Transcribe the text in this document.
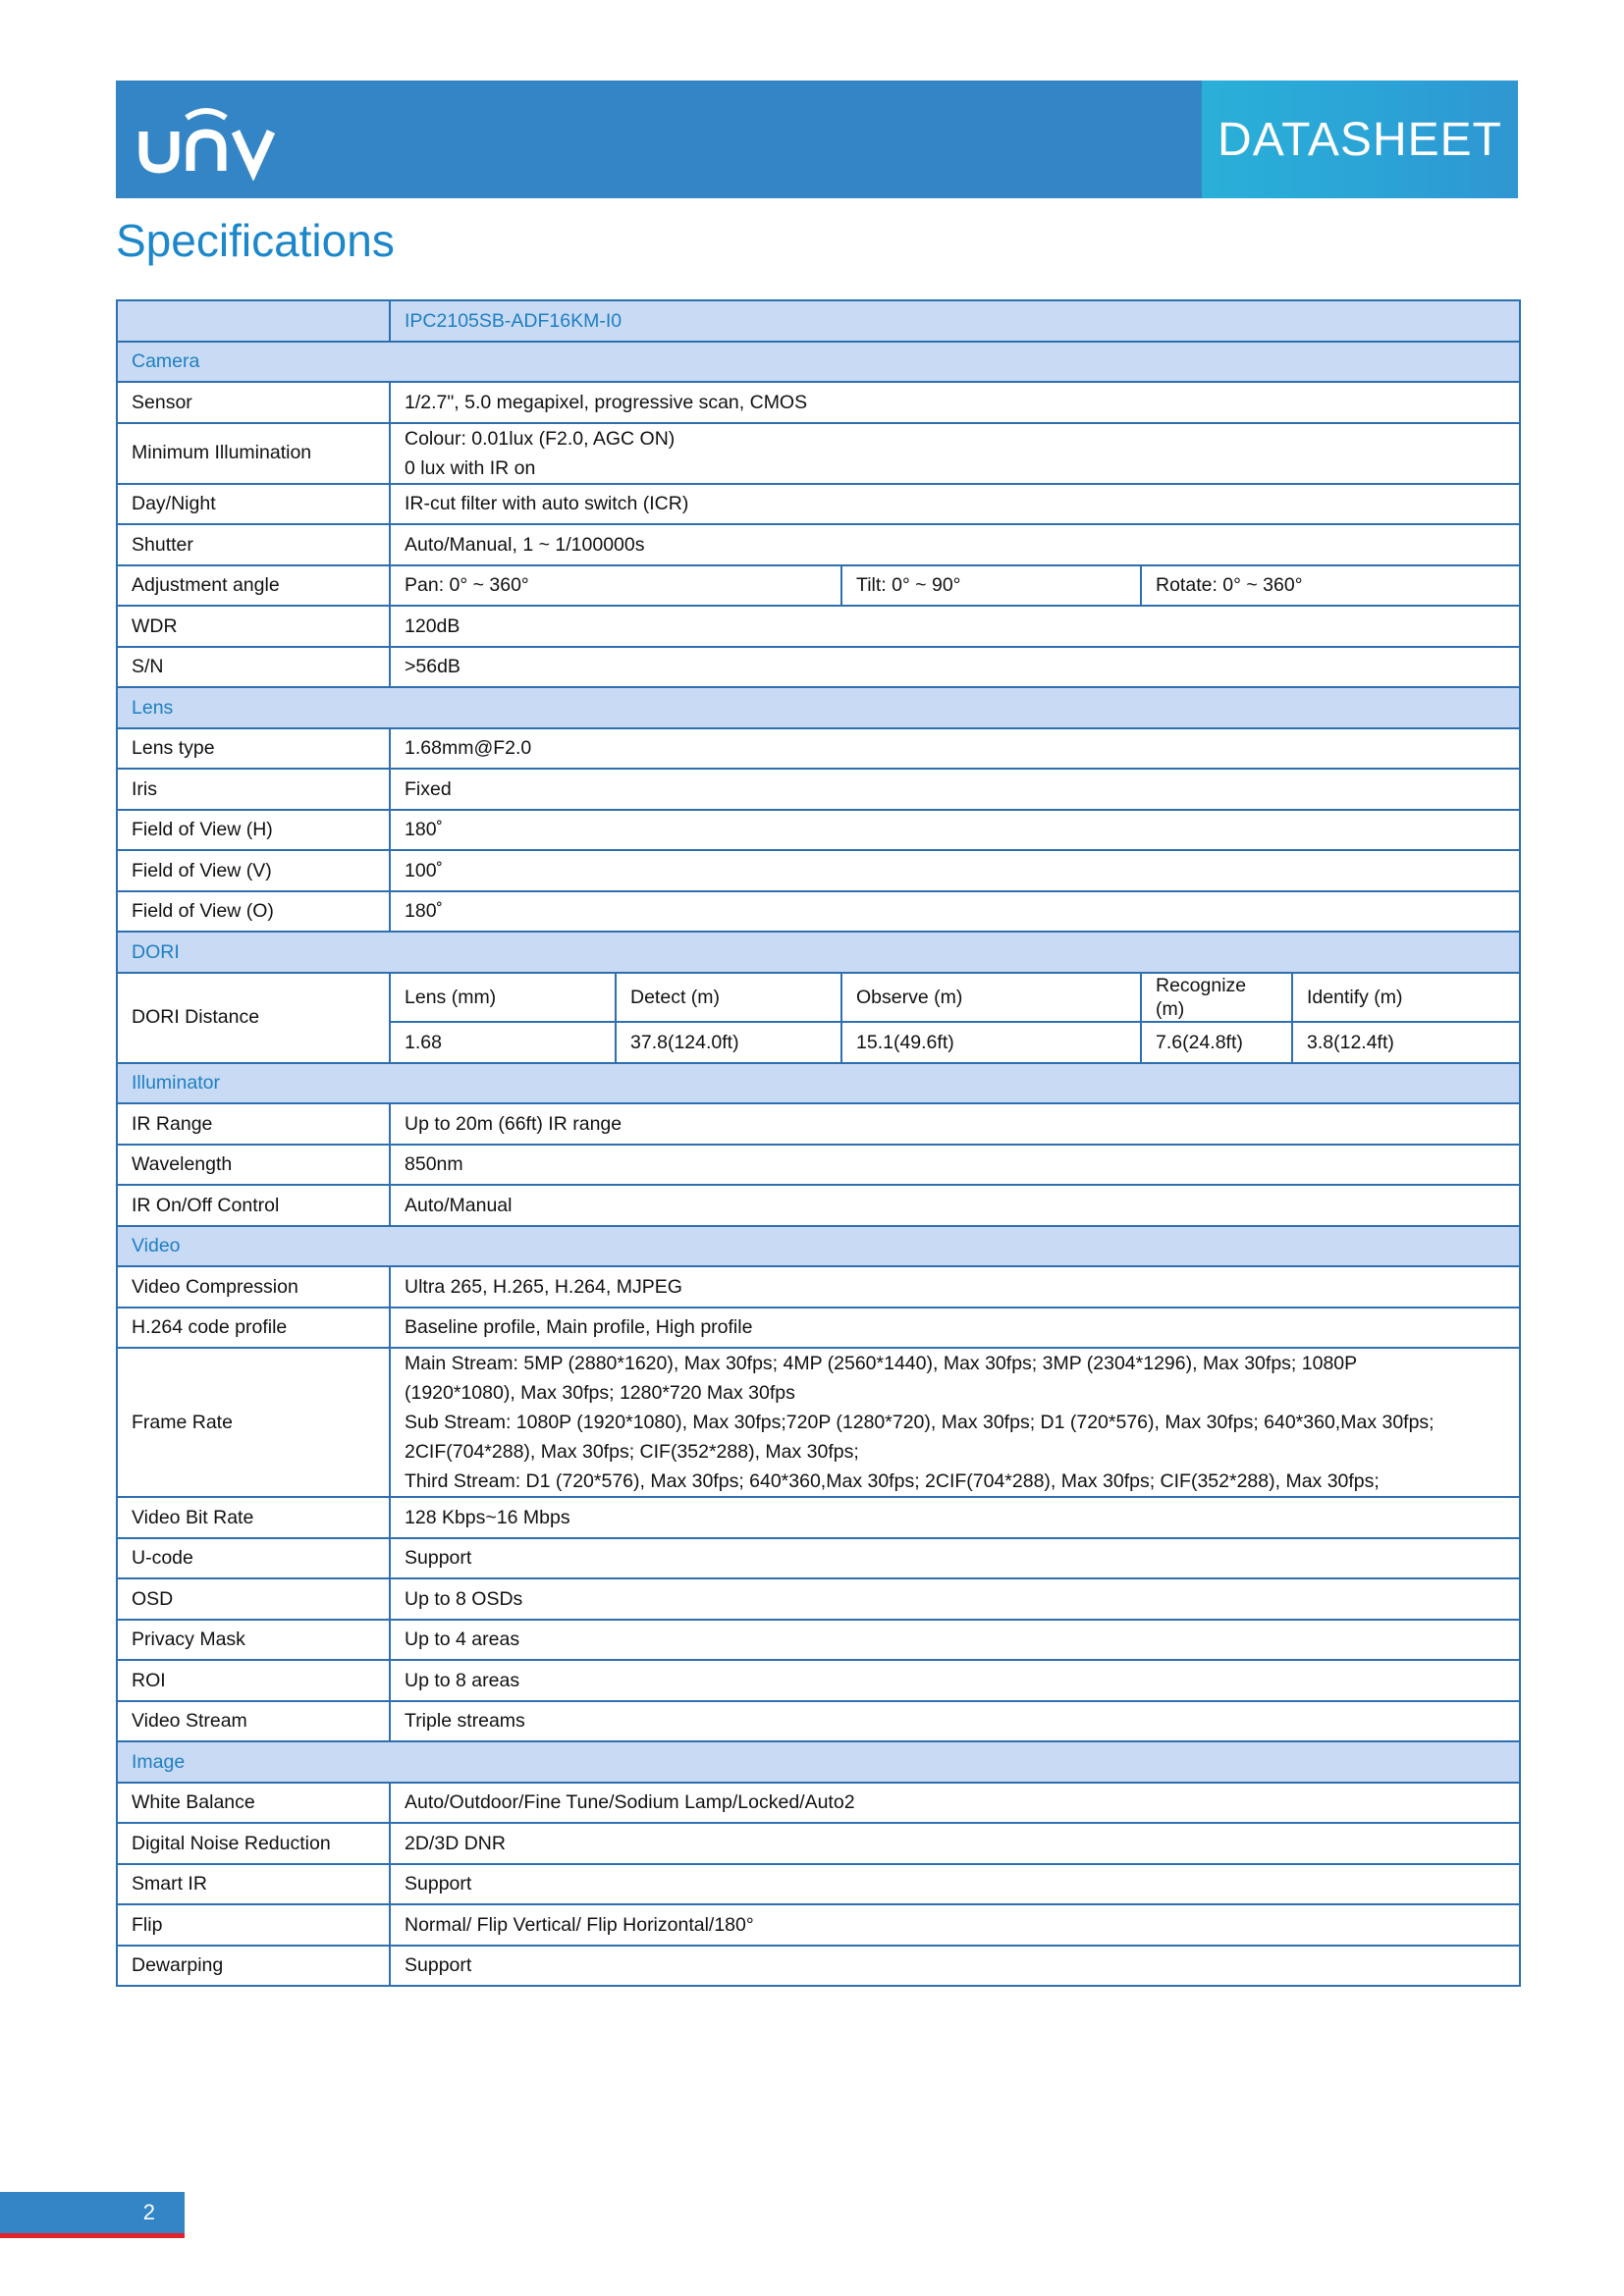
DATASHEET
Specifications
	IPC2105SB-ADF16KM-I0				
Camera					
Sensor	1/2.7", 5.0 megapixel, progressive scan, CMOS				
Minimum Illumination	Colour: 0.01lux (F2.0, AGC ON)
0 lux with IR on				

Day/Night	IR-cut filter with auto switch (ICR)				
Shutter	Auto/Manual, 1 ~ 1/100000s				
Adjustment angle	Pan: 0° ~ 360°		Tilt: 0° ~ 90°	Rotate: 0° ~ 360°	
WDR	120dB				
S/N	>56dB				
Lens					
Lens type	1.68mm@F2.0				
Iris	Fixed				
Field of View (H)	180˚				
Field of View (V)	100˚				
Field of View (O)	180˚				
DORI					
DORI Distance	Lens (mm)	Detect (m)	Observe (m)	Recognize (m)	Identify (m)
	1.68	37.8(124.0ft)	15.1(49.6ft)	7.6(24.8ft)	3.8(12.4ft)
Illuminator					
IR Range	Up to 20m (66ft) IR range				
Wavelength	850nm				
IR On/Off Control	Auto/Manual				
Video					
Video Compression	Ultra 265, H.265, H.264, MJPEG				
H.264 code profile	Baseline profile, Main profile, High profile				
Frame Rate	Main Stream: 5MP (2880*1620), Max 30fps; 4MP (2560*1440), Max 30fps; 3MP (2304*1296), Max 30fps; 1080P
(1920*1080), Max 30fps; 1280*720 Max 30fps
Sub Stream: 1080P (1920*1080), Max 30fps;720P (1280*720), Max 30fps; D1 (720*576), Max 30fps; 640*360,Max 30fps;
2CIF(704*288), Max 30fps; CIF(352*288), Max 30fps;
Third Stream: D1 (720*576), Max 30fps; 640*360,Max 30fps; 2CIF(704*288), Max 30fps; CIF(352*288), Max 30fps;				

Video Bit Rate	128 Kbps~16 Mbps				
U-code	Support				
OSD	Up to 8 OSDs				
Privacy Mask	Up to 4 areas				
ROI	Up to 8 areas				
Video Stream	Triple streams				
Image					
White Balance	Auto/Outdoor/Fine Tune/Sodium Lamp/Locked/Auto2				
Digital Noise Reduction	2D/3D DNR				
Smart IR	Support				
Flip	Normal/ Flip Vertical/ Flip Horizontal/180°				
Dewarping	Support				
2
